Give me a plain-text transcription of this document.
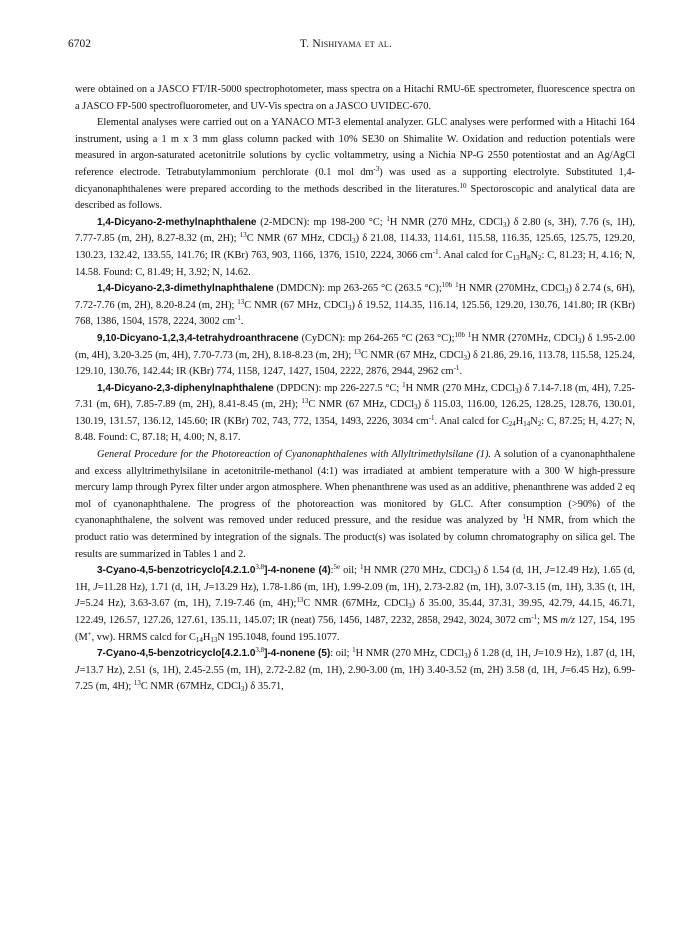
6702	T. Nishiyama et al.

were obtained on a JASCO FT/IR-5000 spectrophotometer, mass spectra on a Hitachi RMU-6E spectrometer, fluorescence spectra on a JASCO FP-500 spectrofluorometer, and UV-Vis spectra on a JASCO UVIDEC-670.

Elemental analyses were carried out on a YANACO MT-3 elemental analyzer. GLC analyses were performed with a Hitachi 164 instrument, using a 1 m x 3 mm glass column packed with 10% SE30 on Shimalite W. Oxidation and reduction potentials were measured in argon-saturated acetonitrile solutions by cyclic voltammetry, using a Nichia NP-G 2550 potentiostat and an Ag/AgCl reference electrode. Tetrabutylammonium perchlorate (0.1 mol $dm^{-3}$) was used as a supporting electrolyte. Substituted 1,4-dicyanonaphthalenes were prepared according to the methods described in the literatures.$^{10}$ Spectoroscopic and analytical data are described as follows.

1,4-Dicyano-2-methylnaphthalene (2-MDCN): mp 198-200 °C; $^1$H NMR (270 MHz, CDCl$_3$) δ 2.80 (s, 3H), 7.76 (s, 1H), 7.77-7.85 (m, 2H), 8.27-8.32 (m, 2H); $^{13}$C NMR (67 MHz, CDCl$_3$) δ 21.08, 114.33, 114.61, 115.58, 116.35, 125.65, 125.75, 129.20, 130.23, 132.42, 133.55, 141.76; IR (KBr) 763, 903, 1166, 1376, 1510, 2224, 3066 $cm^{-1}$. Anal calcd for $C_{13}H_8N_2$: C, 81.23; H, 4.16; N, 14.58. Found: C, 81.49; H, 3.92; N, 14.62.

1,4-Dicyano-2,3-dimethylnaphthalene (DMDCN): mp 263-265 °C (263.5 °C);$^{10b}$ $^1$H NMR (270MHz, CDCl$_3$) δ 2.74 (s, 6H), 7.72-7.76 (m, 2H), 8.20-8.24 (m, 2H); $^{13}$C NMR (67 MHz, CDCl$_3$) δ 19.52, 114.35, 116.14, 125.56, 129.20, 130.76, 141.80; IR (KBr) 768, 1386, 1504, 1578, 2224, 3002 $cm^{-1}$.

9,10-Dicyano-1,2,3,4-tetrahydroanthracene (CyDCN): mp 264-265 °C (263 °C);$^{10b}$ $^1$H NMR (270MHz, CDCl$_3$) δ 1.95-2.00 (m, 4H), 3.20-3.25 (m, 4H), 7.70-7.73 (m, 2H), 8.18-8.23 (m, 2H); $^{13}$C NMR (67 MHz, CDCl$_3$) δ 21.86, 29.16, 113.78, 115.58, 125.24, 129.10, 130.76, 142.44; IR (KBr) 774, 1158, 1247, 1427, 1504, 2222, 2876, 2944, 2962 $cm^{-1}$.

1,4-Dicyano-2,3-diphenylnaphthalene (DPDCN): mp 226-227.5 °C; $^1$H NMR (270 MHz, CDCl$_3$) δ 7.14-7.18 (m, 4H), 7.25-7.31 (m, 6H), 7.85-7.89 (m, 2H), 8.41-8.45 (m, 2H); $^{13}$C NMR (67 MHz, CDCl$_3$) δ 115.03, 116.00, 126.25, 128.25, 128.76, 130.01, 130.19, 131.57, 136.12, 145.60; IR (KBr) 702, 743, 772, 1354, 1493, 2226, 3034 $cm^{-1}$. Anal calcd for $C_{24}H_{14}N_2$: C, 87.25; H, 4.27; N, 8.48. Found: C, 87.18; H, 4.00; N, 8.17.

General Procedure for the Photoreaction of Cyanonaphthalenes with Allyltrimethylsilane (1). A solution of a cyanonaphthalene and excess allyltrimethylsilane in acetonitrile-methanol (4:1) was irradiated at ambient temperature with a 300 W high-pressure mercury lamp through Pyrex filter under argon atmosphere. When phenanthrene was used as an additive, phenanthrene was added 2 eq mol of cyanonaphthalene. The progress of the photoreaction was monitored by GLC. After consumption (>90%) of the cyanonaphthalene, the solvent was removed under reduced pressure, and the residue was analyzed by $^1$H NMR, from which the product ratio was determined by integration of the signals. The product(s) was isolated by column chromatography on silica gel. The results are summarized in Tables 1 and 2.

3-Cyano-4,5-benzotricyclo[4.2.1.0$^{3,8}$]-4-nonene (4):$^{5e}$ oil; $^1$H NMR (270 MHz, CDCl$_3$) δ 1.54 (d, 1H, J=12.49 Hz), 1.65 (d, 1H, J=11.28 Hz), 1.71 (d, 1H, J=13.29 Hz), 1.78-1.86 (m, 1H), 1.99-2.09 (m, 1H), 2.73-2.82 (m, 1H), 3.07-3.15 (m, 1H), 3.35 (t, 1H, J=5.24 Hz), 3.63-3.67 (m, 1H), 7.19-7.46 (m, 4H);$^{13}$C NMR (67MHz, CDCl$_3$) δ 35.00, 35.44, 37.31, 39.95, 42.79, 44.15, 46.71, 122.49, 126.57, 127.26, 127.61, 135.11, 145.07; IR (neat) 756, 1456, 1487, 2232, 2858, 2942, 3024, 3072 $cm^{-1}$; MS m/z 127, 154, 195 (M+, vw). HRMS calcd for $C_{14}H_{13}N$ 195.1048, found 195.1077.

7-Cyano-4,5-benzotricyclo[4.2.1.0$^{3,8}$]-4-nonene (5): oil; $^1$H NMR (270 MHz, CDCl$_3$) δ 1.28 (d, 1H, J=10.9 Hz), 1.87 (d, 1H, J=13.7 Hz), 2.51 (s, 1H), 2.45-2.55 (m, 1H), 2.72-2.82 (m, 1H), 2.90-3.00 (m, 1H) 3.40-3.52 (m, 2H) 3.58 (d, 1H, J=6.45 Hz), 6.99-7.25 (m, 4H); $^{13}$C NMR (67MHz, CDCl$_3$) δ 35.71,
